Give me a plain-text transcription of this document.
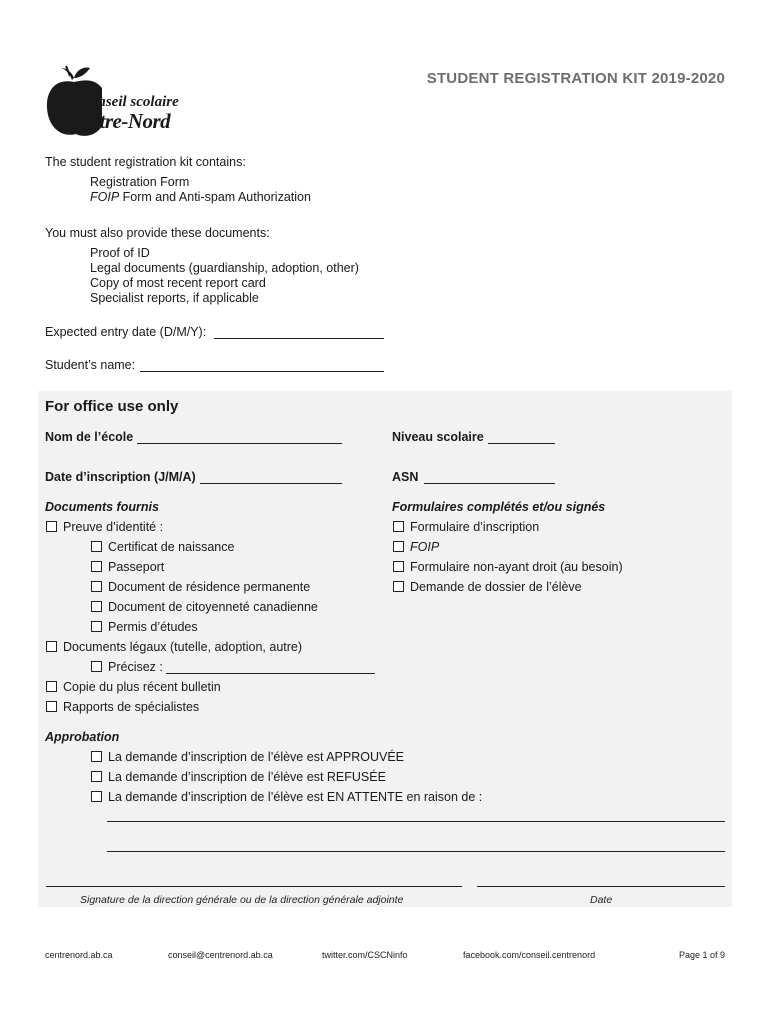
Conseil scolaire
Centre-Nord
STUDENT REGISTRATION KIT 2019-2020
The student registration kit contains:
Registration Form
FOIP Form and Anti-spam Authorization
You must also provide these documents:
Proof of ID
Legal documents (guardianship, adoption, other)
Copy of most recent report card
Specialist reports, if applicable
Expected entry date (D/M/Y):
Student’s name:
For office use only
Nom de l’école	Niveau scolaire
Date d’inscription (J/M/A)	ASN
Documents fournis	Formulaires complétés et/ou signés
Preuve d’identité :
Certificat de naissance
Passeport
Document de résidence permanente
Document de citoyenneté canadienne
Permis d’études
Documents légaux (tutelle, adoption, autre)
Précisez :
Copie du plus récent bulletin
Rapports de spécialistes
Formulaire d’inscription
FOIP
Formulaire non-ayant droit (au besoin)
Demande de dossier de l’élève
Approbation
La demande d’inscription de l’élève est APPROUVÉE
La demande d’inscription de l’élève est REFUSÉE
La demande d’inscription de l’élève est EN ATTENTE en raison de :
Signature de la direction générale ou de la direction générale adjointe	Date
centrenord.ab.ca	conseil@centrenord.ab.ca	twitter.com/CSCNinfo	facebook.com/conseil.centrenord	Page 1 of 9
